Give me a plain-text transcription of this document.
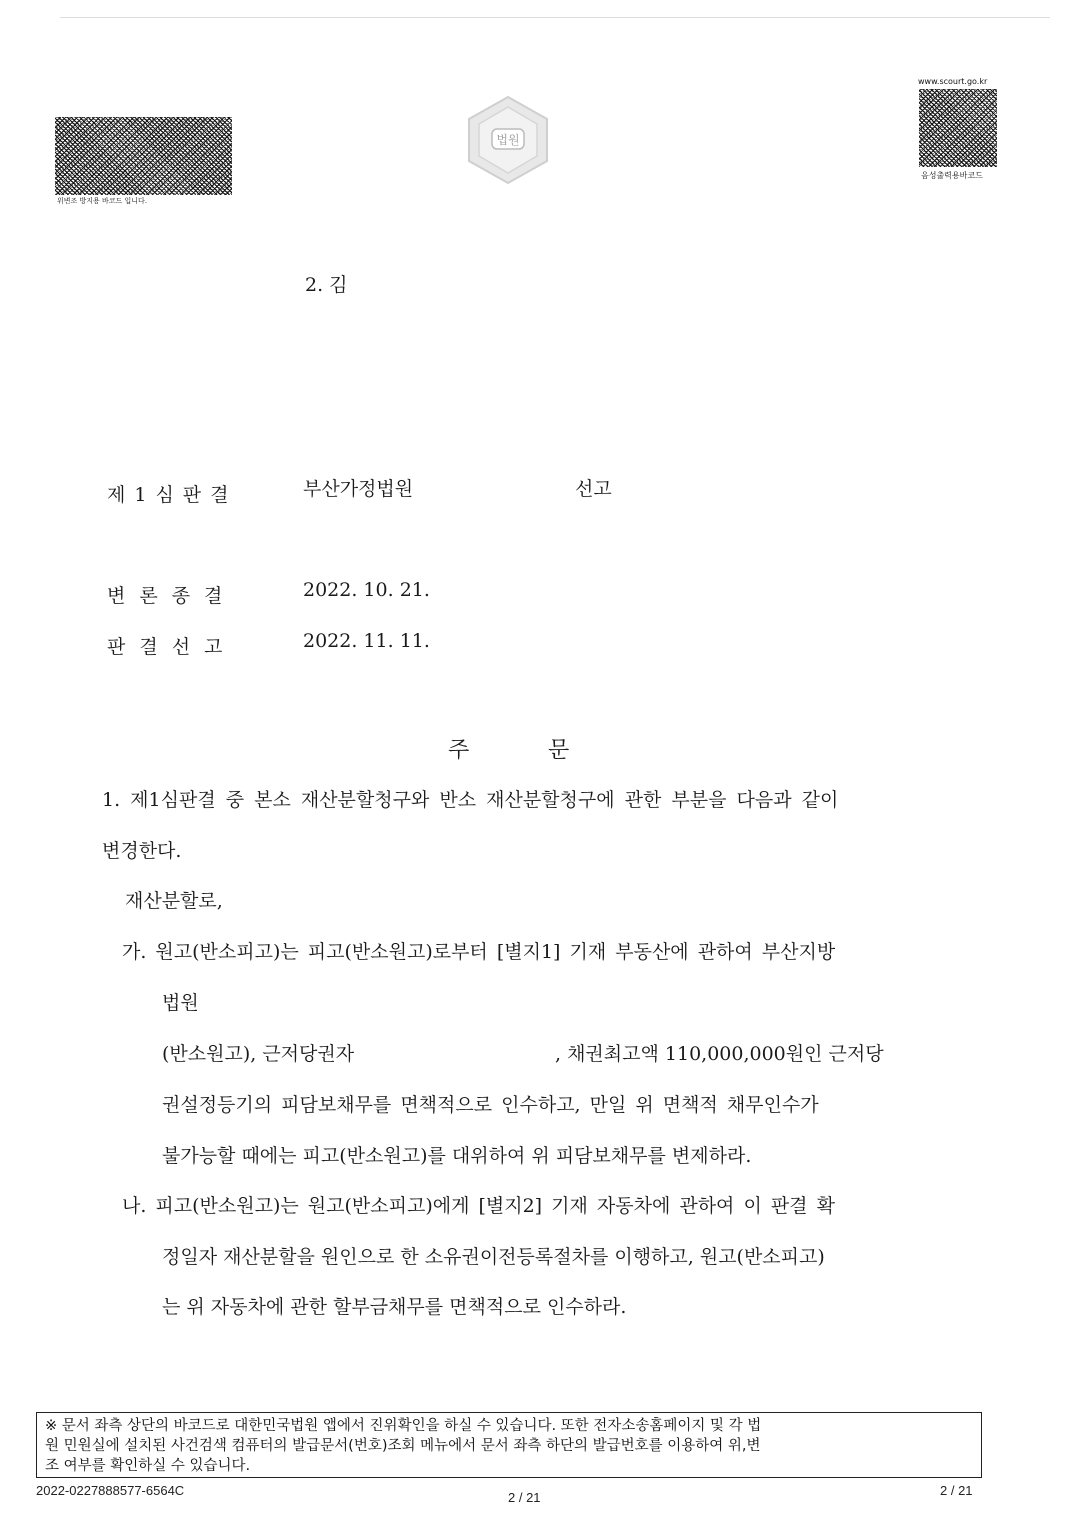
위변조 방지용 바코드 입니다.
법원
www.scourt.go.kr
음성출력용바코드
2. 김
제1심판결	부산가정법원	선고
변론종결	2022. 10. 21.
판결선고	2022. 11. 11.
주	문
1. 제1심판결 중 본소 재산분할청구와 반소 재산분할청구에 관한 부분을 다음과 같이
변경한다.
재산분할로,
가. 원고(반소피고)는 피고(반소원고)로부터 [별지1] 기재 부동산에 관하여 부산지방
법원
(반소원고), 근저당권자	, 채권최고액 110,000,000원인 근저당
권설정등기의 피담보채무를 면책적으로 인수하고, 만일 위 면책적 채무인수가
불가능할 때에는 피고(반소원고)를 대위하여 위 피담보채무를 변제하라.
나. 피고(반소원고)는 원고(반소피고)에게 [별지2] 기재 자동차에 관하여 이 판결 확
정일자 재산분할을 원인으로 한 소유권이전등록절차를 이행하고, 원고(반소피고)
는 위 자동차에 관한 할부금채무를 면책적으로 인수하라.
※ 문서 좌측 상단의 바코드로 대한민국법원 앱에서 진위확인을 하실 수 있습니다. 또한 전자소송홈페이지 및 각 법
원 민원실에 설치된 사건검색 컴퓨터의 발급문서(번호)조회 메뉴에서 문서 좌측 하단의 발급번호를 이용하여 위,변
조 여부를 확인하실 수 있습니다.
2022-0227888577-6564C	2 / 21	2 / 21
